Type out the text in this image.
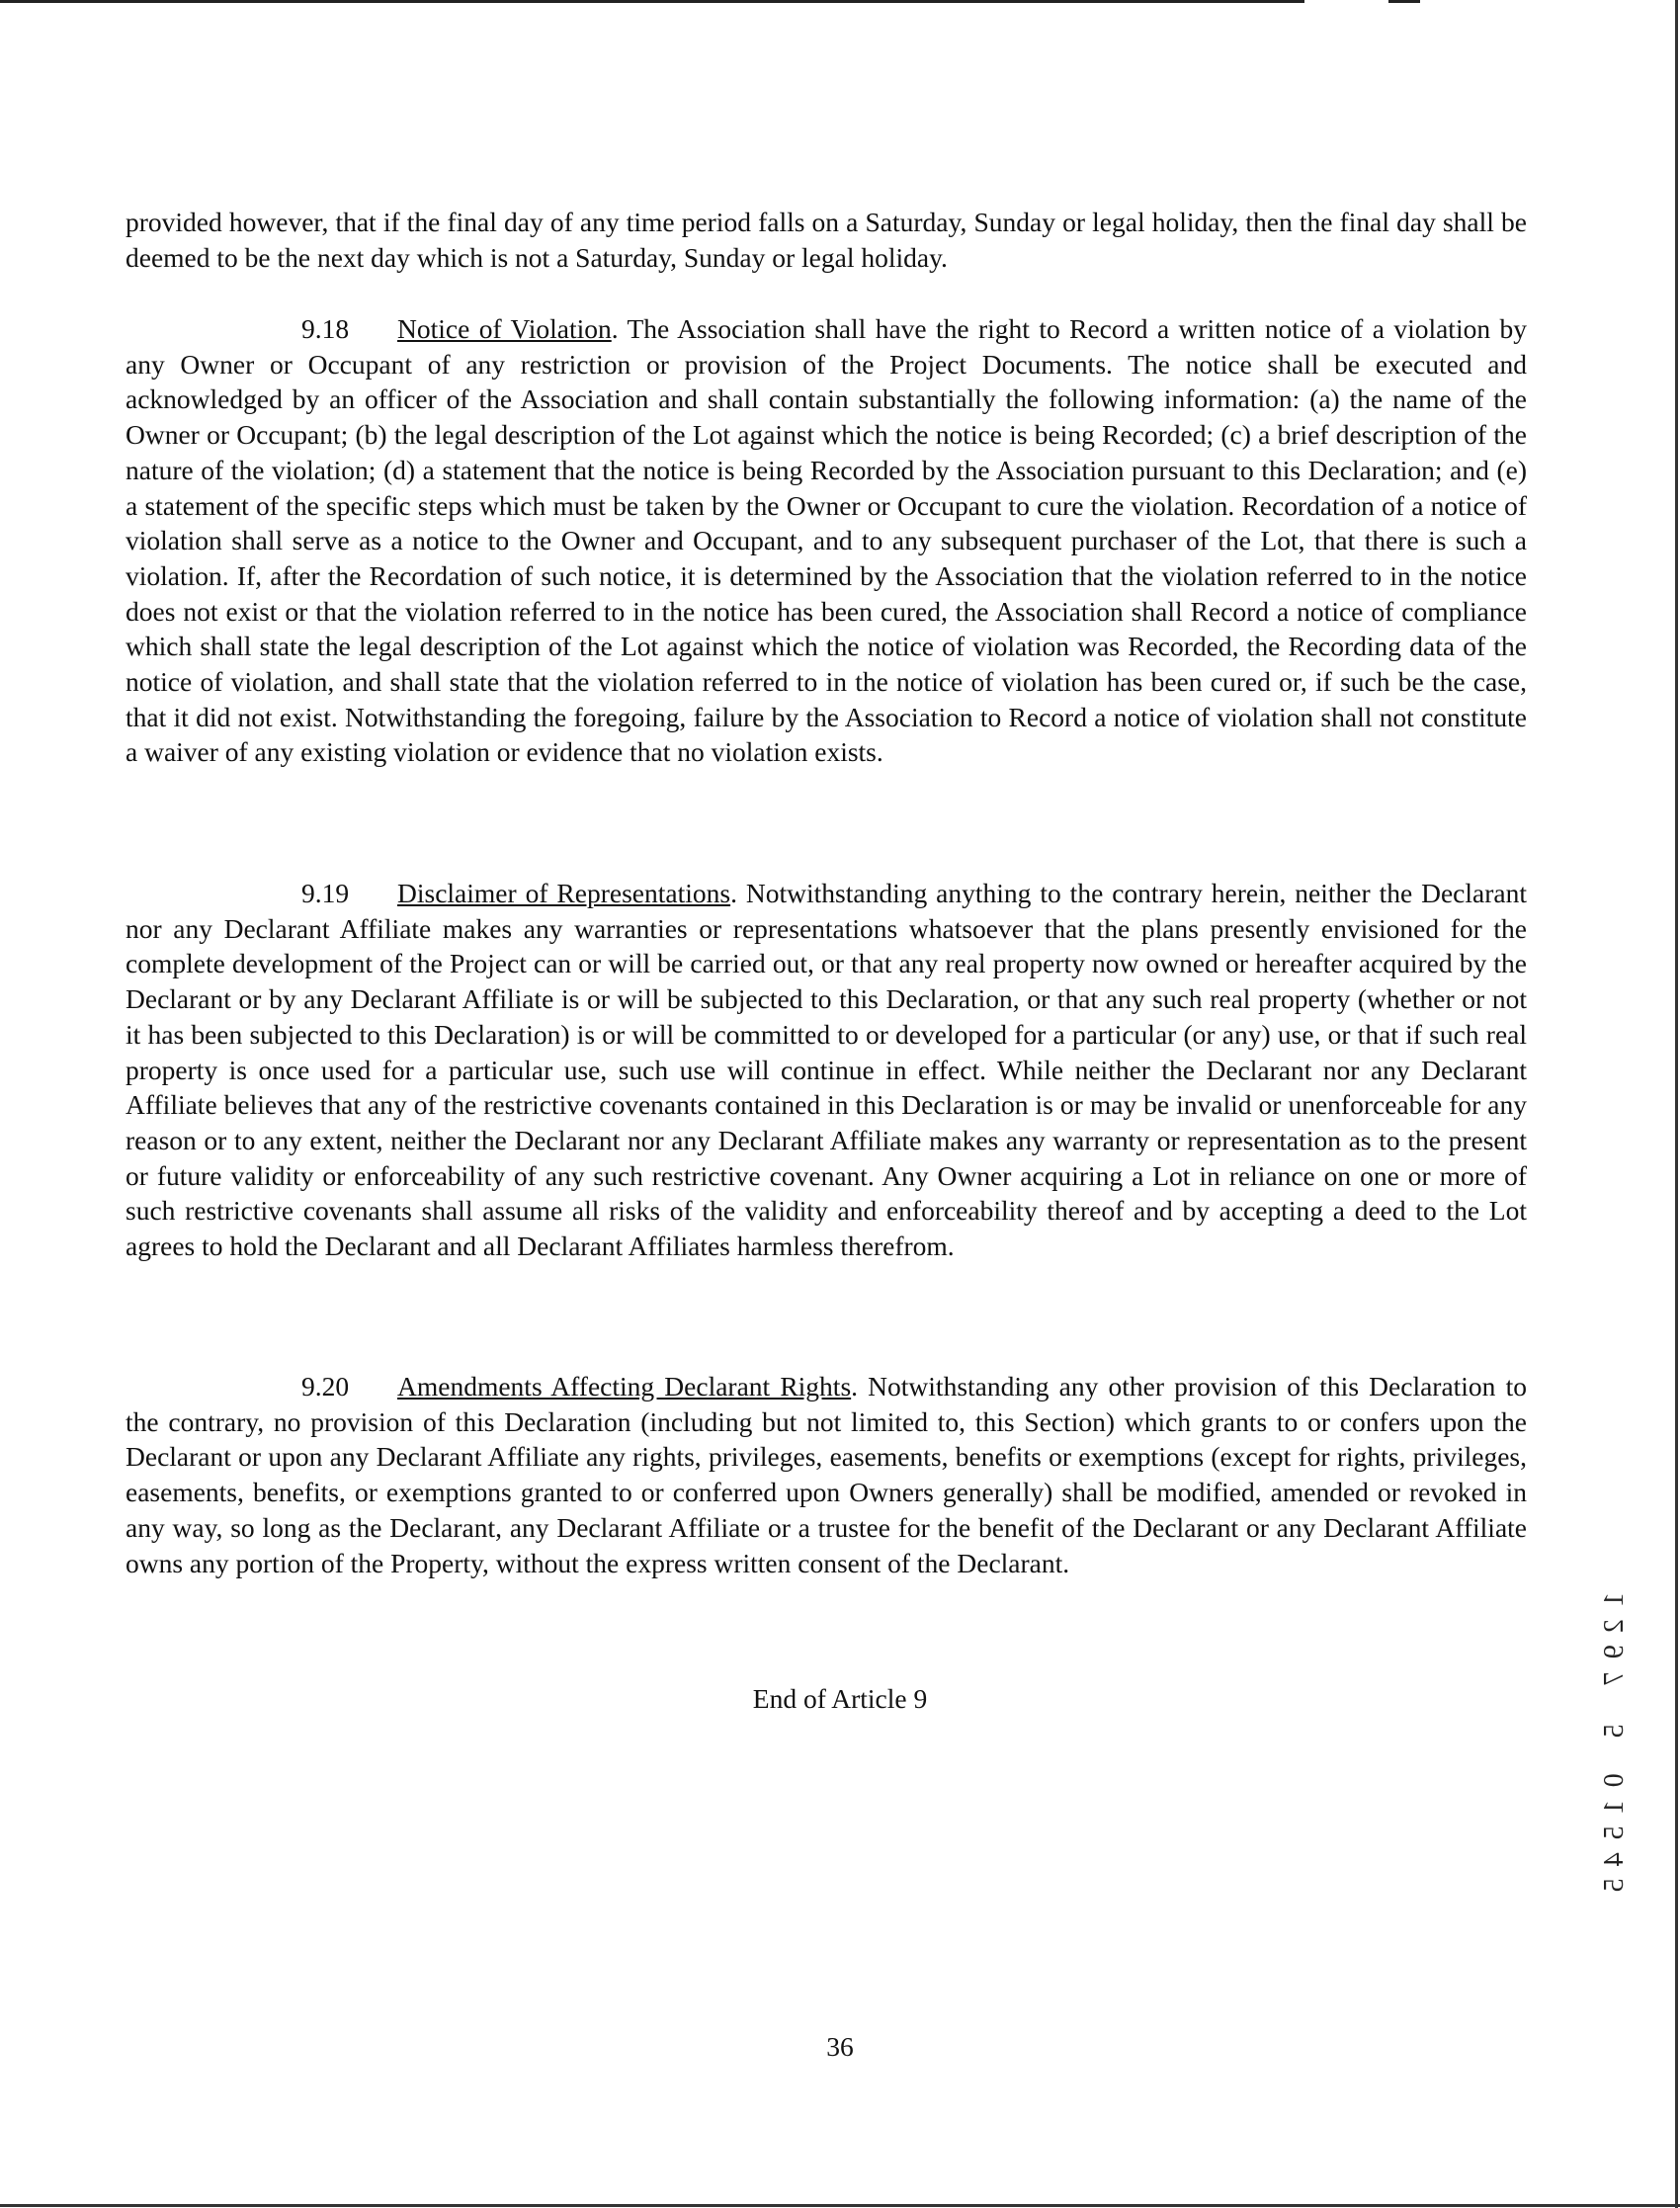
provided however, that if the final day of any time period falls on a Saturday, Sunday or legal holiday, then the final day shall be deemed to be the next day which is not a Saturday, Sunday or legal holiday.

9.18 Notice of Violation. The Association shall have the right to Record a written notice of a violation by any Owner or Occupant of any restriction or provision of the Project Documents. The notice shall be executed and acknowledged by an officer of the Association and shall contain substantially the following information: (a) the name of the Owner or Occupant; (b) the legal description of the Lot against which the notice is being Recorded; (c) a brief description of the nature of the violation; (d) a statement that the notice is being Recorded by the Association pursuant to this Declaration; and (e) a statement of the specific steps which must be taken by the Owner or Occupant to cure the violation. Recordation of a notice of violation shall serve as a notice to the Owner and Occupant, and to any subsequent purchaser of the Lot, that there is such a violation. If, after the Recordation of such notice, it is determined by the Association that the violation referred to in the notice does not exist or that the violation referred to in the notice has been cured, the Association shall Record a notice of compliance which shall state the legal description of the Lot against which the notice of violation was Recorded, the Recording data of the notice of violation, and shall state that the violation referred to in the notice of violation has been cured or, if such be the case, that it did not exist. Notwithstanding the foregoing, failure by the Association to Record a notice of violation shall not constitute a waiver of any existing violation or evidence that no violation exists.

9.19 Disclaimer of Representations. Notwithstanding anything to the contrary herein, neither the Declarant nor any Declarant Affiliate makes any warranties or representations whatsoever that the plans presently envisioned for the complete development of the Project can or will be carried out, or that any real property now owned or hereafter acquired by the Declarant or by any Declarant Affiliate is or will be subjected to this Declaration, or that any such real property (whether or not it has been subjected to this Declaration) is or will be committed to or developed for a particular (or any) use, or that if such real property is once used for a particular use, such use will continue in effect. While neither the Declarant nor any Declarant Affiliate believes that any of the restrictive covenants contained in this Declaration is or may be invalid or unenforceable for any reason or to any extent, neither the Declarant nor any Declarant Affiliate makes any warranty or representation as to the present or future validity or enforceability of any such restrictive covenant. Any Owner acquiring a Lot in reliance on one or more of such restrictive covenants shall assume all risks of the validity and enforceability thereof and by accepting a deed to the Lot agrees to hold the Declarant and all Declarant Affiliates harmless therefrom.

9.20 Amendments Affecting Declarant Rights. Notwithstanding any other provision of this Declaration to the contrary, no provision of this Declaration (including but not limited to, this Section) which grants to or confers upon the Declarant or upon any Declarant Affiliate any rights, privileges, easements, benefits or exemptions (except for rights, privileges, easements, benefits, or exemptions granted to or conferred upon Owners generally) shall be modified, amended or revoked in any way, so long as the Declarant, any Declarant Affiliate or a trustee for the benefit of the Declarant or any Declarant Affiliate owns any portion of the Property, without the express written consent of the Declarant.

End of Article 9
1
2
9
7

5
0
1
5
4
5
36
